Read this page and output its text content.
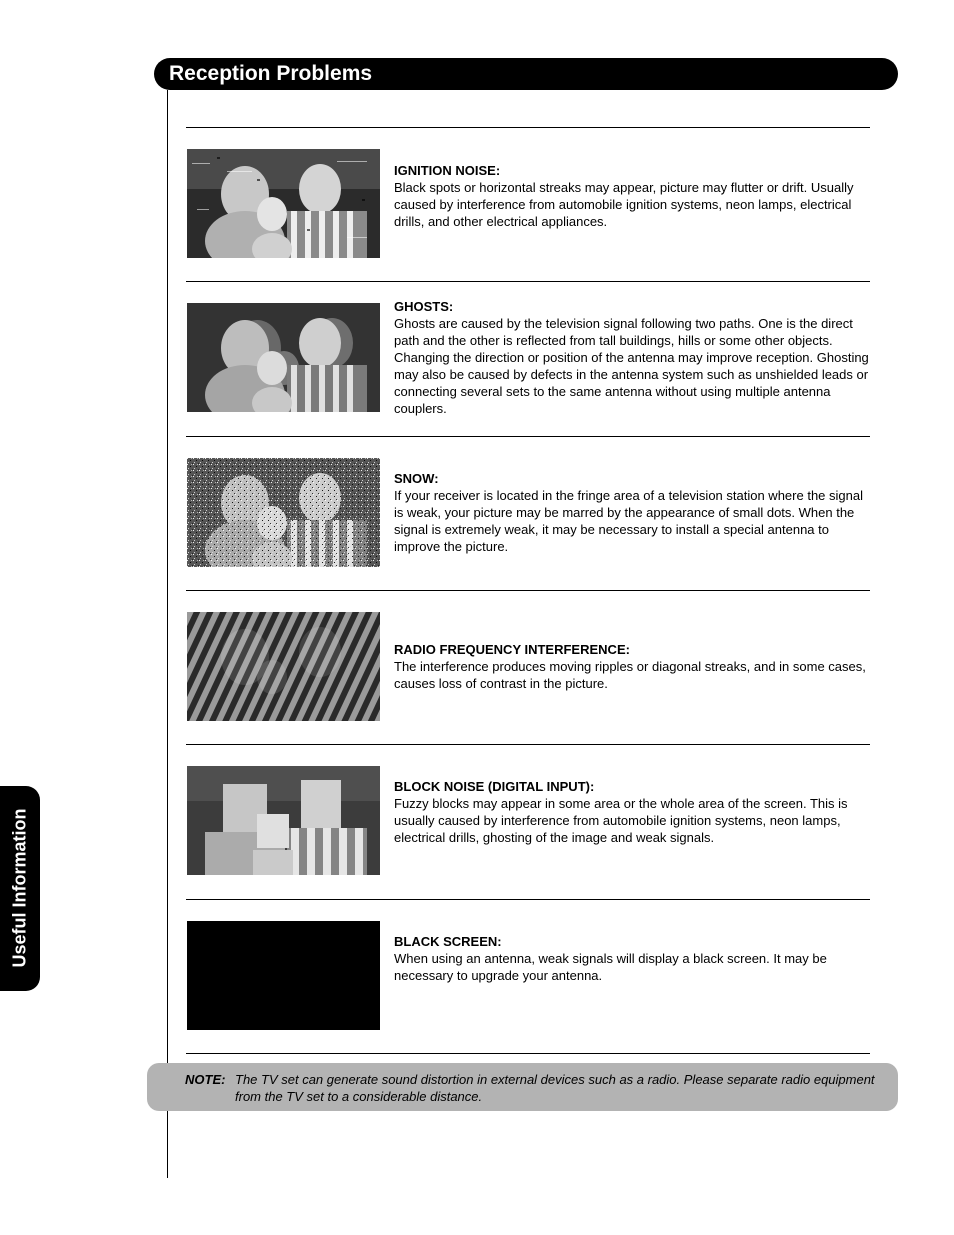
Reception Problems
Useful Information
IGNITION NOISE:
Black spots or horizontal streaks may appear, picture may flutter or drift. Usually caused by interference from automobile ignition systems, neon lamps, electrical drills, and other electrical appliances.
GHOSTS:
Ghosts are caused by the television signal following two paths. One is the direct path and the other is reflected from tall buildings, hills or some other objects. Changing the direction or position of the antenna may improve reception. Ghosting may also be caused by defects in the antenna system such as unshielded leads or connecting several sets to the same antenna without using multiple antenna couplers.
SNOW:
If your receiver is located in the fringe area of a television station where the signal is weak, your picture may be marred by the appearance of small dots. When the signal is extremely weak, it may be necessary to install a special antenna to improve the picture.
RADIO FREQUENCY INTERFERENCE:
The interference produces moving ripples or diagonal streaks, and in some cases, causes loss of contrast in the picture.
BLOCK NOISE (DIGITAL INPUT):
Fuzzy blocks may appear in some area or the whole area of the screen. This is usually caused by interference from automobile ignition systems, neon lamps, electrical drills, ghosting of the image and weak signals.
BLACK SCREEN:
When using an antenna, weak signals will display a black screen. It may be necessary to upgrade your antenna.
NOTE: The TV set can generate sound distortion in external devices such as a radio. Please separate radio equipment from the TV set to a considerable distance.
